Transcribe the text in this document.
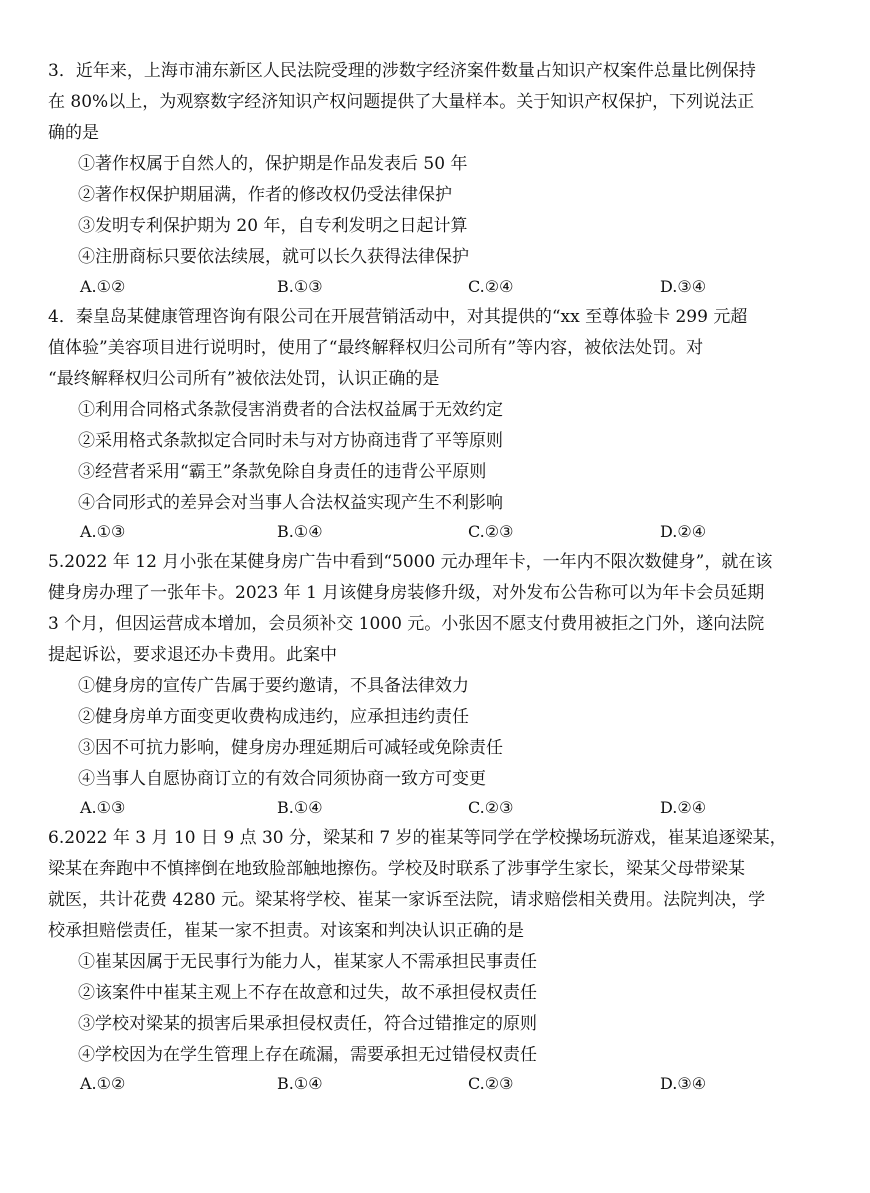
3．近年来，上海市浦东新区人民法院受理的涉数字经济案件数量占知识产权案件总量比例保持
在 80%以上，为观察数字经济知识产权问题提供了大量样本。关于知识产权保护，下列说法正
确的是
①著作权属于自然人的，保护期是作品发表后 50 年
②著作权保护期届满，作者的修改权仍受法律保护
③发明专利保护期为 20 年，自专利发明之日起计算
④注册商标只要依法续展，就可以长久获得法律保护
A.①②	B.①③	C.②④	D.③④
4．秦皇岛某健康管理咨询有限公司在开展营销活动中，对其提供的“xx 至尊体验卡 299 元超
值体验”美容项目进行说明时，使用了“最终解释权归公司所有”等内容，被依法处罚。对
“最终解释权归公司所有”被依法处罚，认识正确的是
①利用合同格式条款侵害消费者的合法权益属于无效约定
②采用格式条款拟定合同时未与对方协商违背了平等原则
③经营者采用“霸王”条款免除自身责任的违背公平原则
④合同形式的差异会对当事人合法权益实现产生不利影响
A.①③	B.①④	C.②③	D.②④
5.2022 年 12 月小张在某健身房广告中看到“5000 元办理年卡，一年内不限次数健身”，就在该
健身房办理了一张年卡。2023 年 1 月该健身房装修升级，对外发布公告称可以为年卡会员延期
3 个月，但因运营成本增加，会员须补交 1000 元。小张因不愿支付费用被拒之门外，遂向法院
提起诉讼，要求退还办卡费用。此案中
①健身房的宣传广告属于要约邀请，不具备法律效力
②健身房单方面变更收费构成违约，应承担违约责任
③因不可抗力影响，健身房办理延期后可减轻或免除责任
④当事人自愿协商订立的有效合同须协商一致方可变更
A.①③	B.①④	C.②③	D.②④
6.2022 年 3 月 10 日 9 点 30 分，梁某和 7 岁的崔某等同学在学校操场玩游戏，崔某追逐梁某，
梁某在奔跑中不慎摔倒在地致脸部触地擦伤。学校及时联系了涉事学生家长，梁某父母带梁某
就医，共计花费 4280 元。梁某将学校、崔某一家诉至法院，请求赔偿相关费用。法院判决，学
校承担赔偿责任，崔某一家不担责。对该案和判决认识正确的是
①崔某因属于无民事行为能力人，崔某家人不需承担民事责任
②该案件中崔某主观上不存在故意和过失，故不承担侵权责任
③学校对梁某的损害后果承担侵权责任，符合过错推定的原则
④学校因为在学生管理上存在疏漏，需要承担无过错侵权责任
A.①②	B.①④	C.②③	D.③④
